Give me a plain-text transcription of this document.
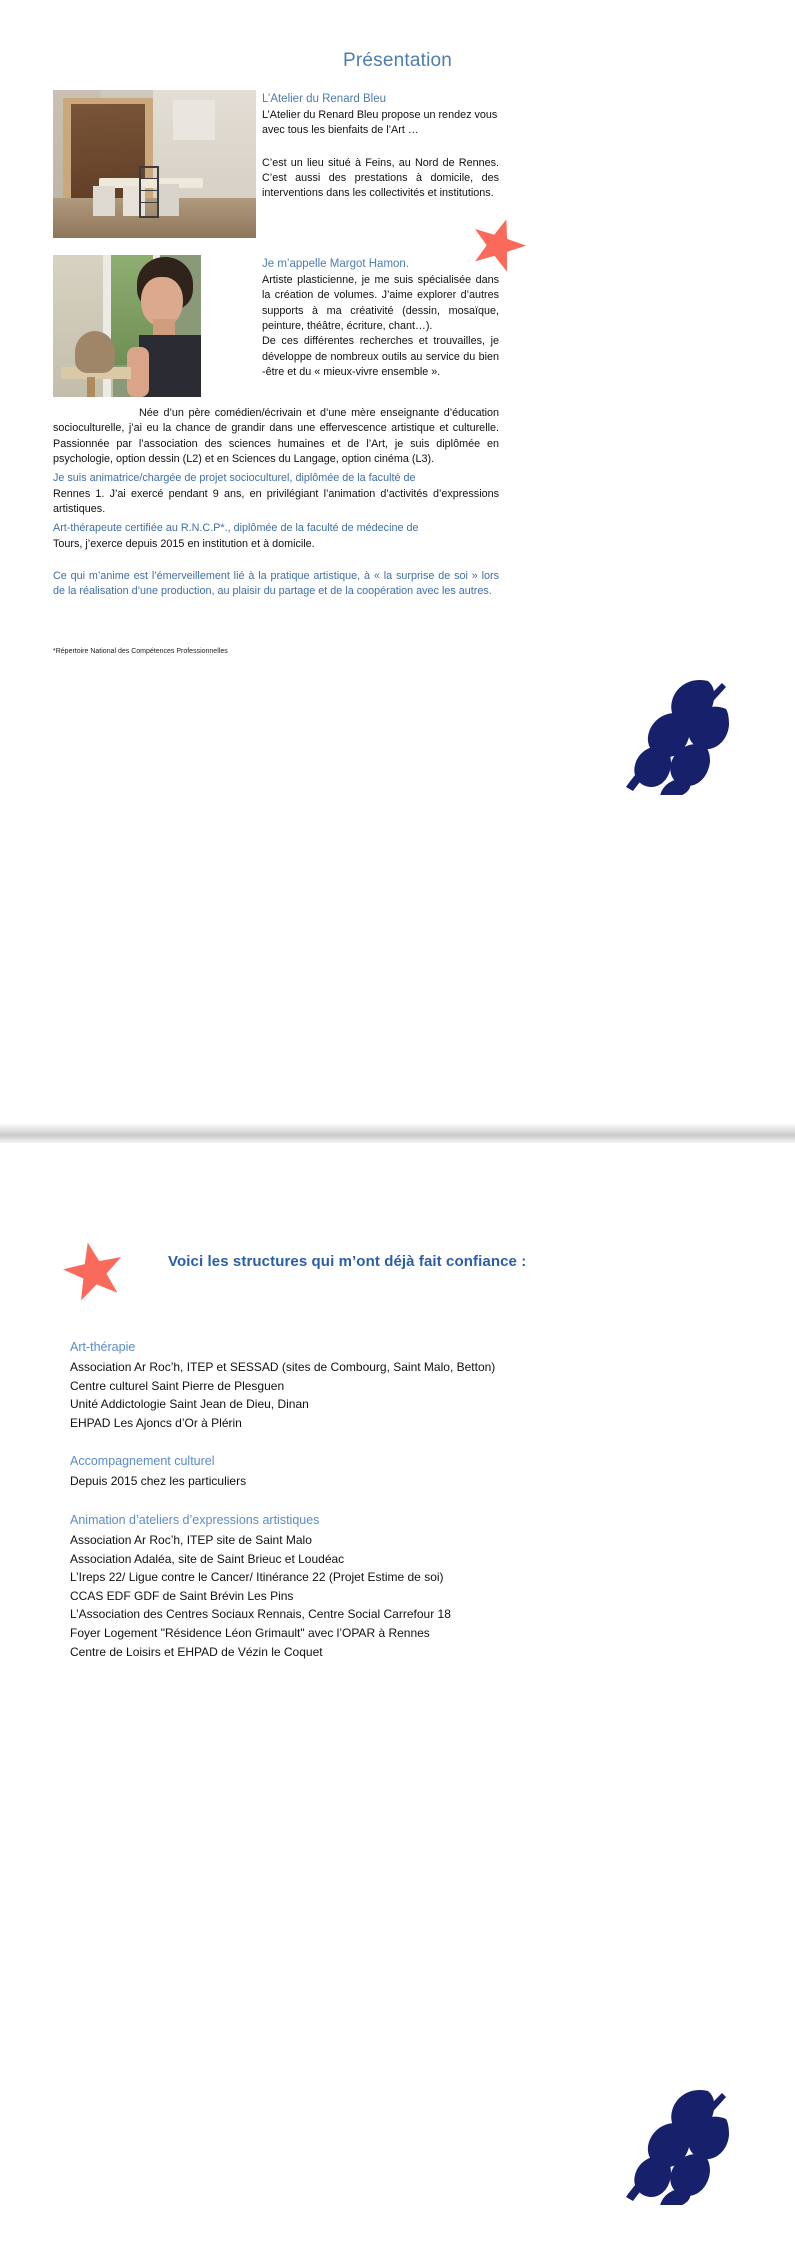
Présentation
L’Atelier du Renard Bleu
L’Atelier du Renard Bleu propose un rendez vous avec tous les bienfaits de l’Art …
C’est un lieu situé à Feins, au Nord de Rennes. C’est aussi des prestations à domicile, des interventions dans les collectivités et institutions.
Je m’appelle Margot Hamon.
Artiste plasticienne, je me suis spécialisée dans la création de volumes. J’aime explorer d’autres supports à ma créativité (dessin, mosaïque, peinture, théâtre, écriture, chant…).
De ces différentes recherches et trouvailles, je développe de nombreux outils au service du bien -être et du « mieux-vivre ensemble ».
Née d’un père comédien/écrivain et d’une mère enseignante d’éducation socioculturelle, j’ai eu la chance de grandir dans une effervescence artistique et culturelle. Passionnée par l’association des sciences humaines et de l’Art, je suis diplômée en psychologie, option dessin (L2) et en Sciences du Langage, option cinéma (L3).
Je suis animatrice/chargée de projet socioculturel, diplômée de la faculté de
Rennes 1. J’ai exercé pendant 9 ans, en privilégiant l’animation d’activités d’expressions artistiques.
Art-thérapeute certifiée au R.N.C.P*., diplômée de la faculté de médecine de
Tours, j’exerce depuis 2015 en institution et à domicile.
Ce qui m’anime est l’émerveillement lié à la pratique artistique, à « la surprise de soi » lors de la réalisation d’une production, au plaisir du partage et de la coopération avec les autres.
*Répertoire National des Compétences Professionnelles
Voici les structures qui m’ont déjà fait confiance :
Art-thérapie
Association Ar Roc’h, ITEP et SESSAD (sites de Combourg, Saint Malo, Betton)
Centre culturel Saint Pierre de Plesguen
Unité Addictologie Saint Jean de Dieu, Dinan
EHPAD Les Ajoncs d’Or à Plérin
Accompagnement culturel
Depuis 2015 chez les particuliers
Animation d’ateliers d’expressions artistiques
Association Ar Roc’h, ITEP site de Saint Malo
Association Adaléa, site de Saint Brieuc et Loudéac
L’Ireps 22/ Ligue contre le Cancer/ Itinérance 22 (Projet Estime de soi)
CCAS EDF GDF de Saint Brévin Les Pins
L’Association des Centres Sociaux Rennais, Centre Social Carrefour 18
Foyer Logement "Résidence Léon Grimault" avec l’OPAR à Rennes
Centre de Loisirs et EHPAD de Vézin le Coquet
